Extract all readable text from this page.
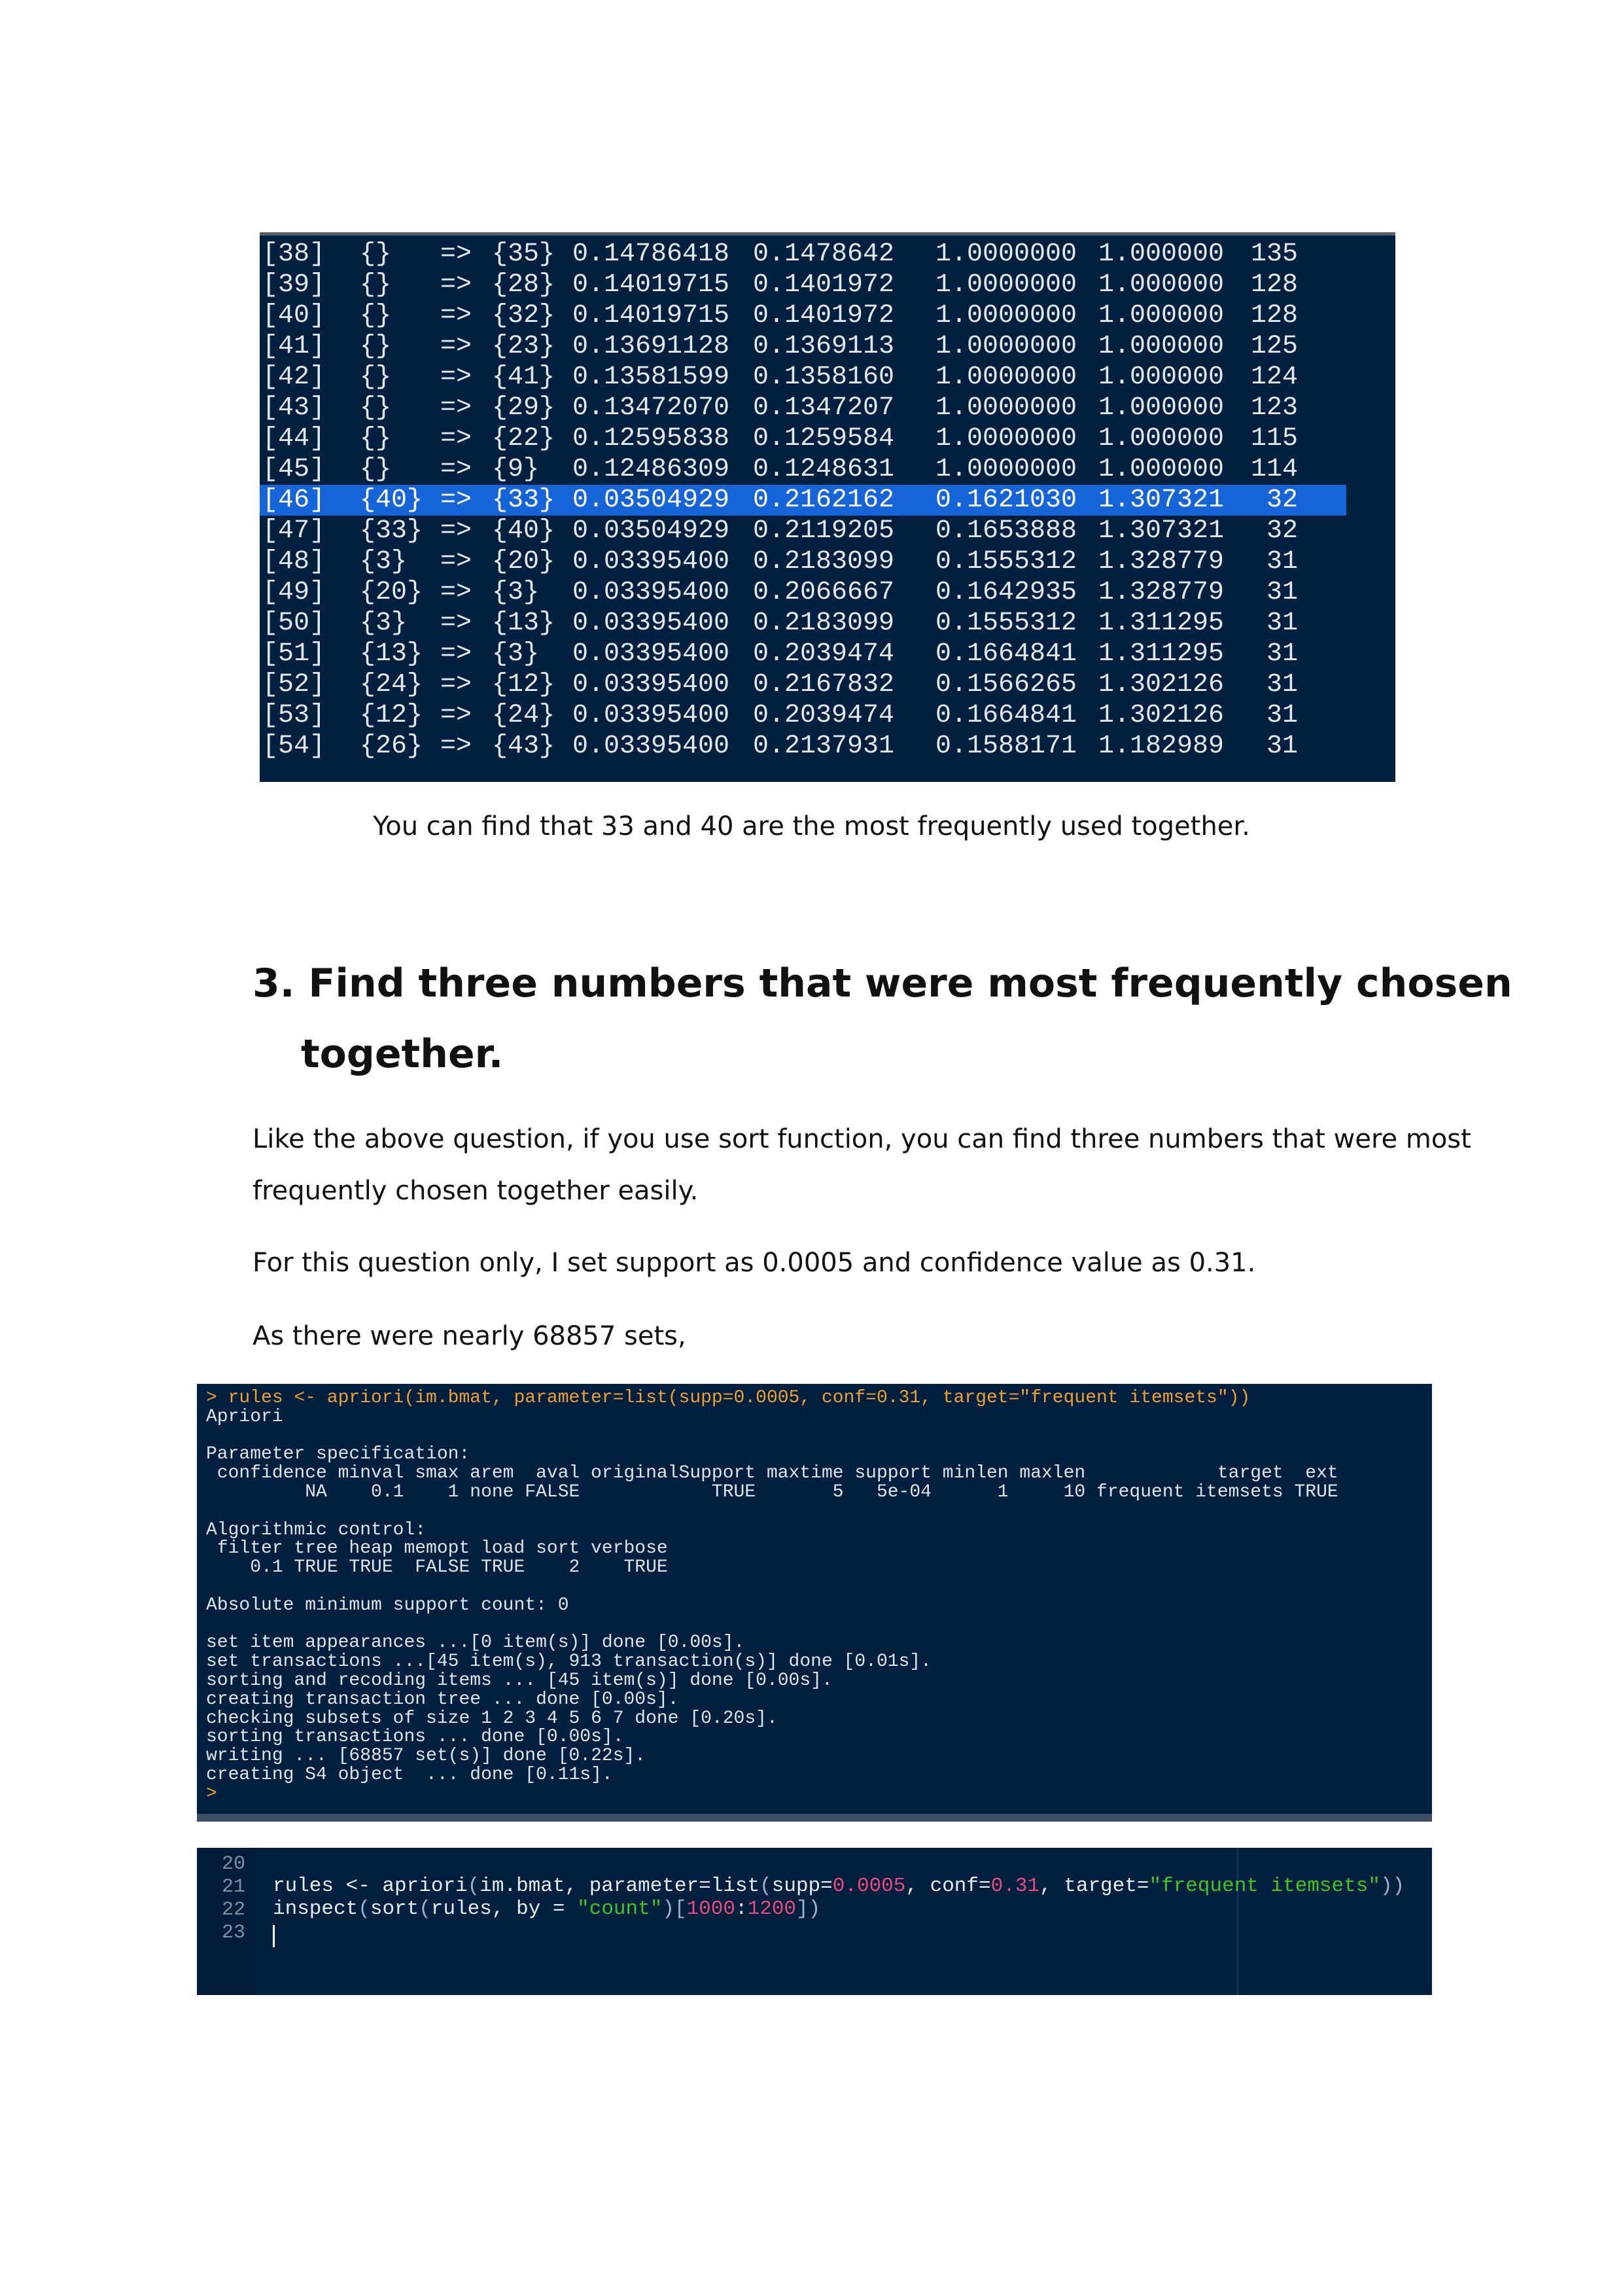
[38] {} => {35} 0.14786418 0.1478642 1.0000000 1.000000 135
[39] {} => {28} 0.14019715 0.1401972 1.0000000 1.000000 128
[40] {} => {32} 0.14019715 0.1401972 1.0000000 1.000000 128
[41] {} => {23} 0.13691128 0.1369113 1.0000000 1.000000 125
[42] {} => {41} 0.13581599 0.1358160 1.0000000 1.000000 124
[43] {} => {29} 0.13472070 0.1347207 1.0000000 1.000000 123
[44] {} => {22} 0.12595838 0.1259584 1.0000000 1.000000 115
[45] {} => {9} 0.12486309 0.1248631 1.0000000 1.000000 114
[46] {40} => {33} 0.03504929 0.2162162 0.1621030 1.307321 32
[47] {33} => {40} 0.03504929 0.2119205 0.1653888 1.307321 32
[48] {3} => {20} 0.03395400 0.2183099 0.1555312 1.328779 31
[49] {20} => {3} 0.03395400 0.2066667 0.1642935 1.328779 31
[50] {3} => {13} 0.03395400 0.2183099 0.1555312 1.311295 31
[51] {13} => {3} 0.03395400 0.2039474 0.1664841 1.311295 31
[52] {24} => {12} 0.03395400 0.2167832 0.1566265 1.302126 31
[53] {12} => {24} 0.03395400 0.2039474 0.1664841 1.302126 31
[54] {26} => {43} 0.03395400 0.2137931 0.1588171 1.182989 31
You can find that 33 and 40 are the most frequently used together.
3. Find three numbers that were most frequently chosen
together.
Like the above question, if you use sort function, you can find three numbers that were most
frequently chosen together easily.
For this question only, I set support as 0.0005 and confidence value as 0.31.
As there were nearly 68857 sets,
> rules <- apriori(im.bmat, parameter=list(supp=0.0005, conf=0.31, target="frequent itemsets"))
Apriori

Parameter specification:
confidence minval smax arem  aval originalSupport maxtime support minlen maxlen            target  ext
NA    0.1    1 none FALSE            TRUE       5   5e-04      1     10 frequent itemsets TRUE

Algorithmic control:
filter tree heap memopt load sort verbose
0.1 TRUE TRUE  FALSE TRUE    2    TRUE

Absolute minimum support count: 0

set item appearances ...[0 item(s)] done [0.00s].
set transactions ...[45 item(s), 913 transaction(s)] done [0.01s].
sorting and recoding items ... [45 item(s)] done [0.00s].
creating transaction tree ... done [0.00s].
checking subsets of size 1 2 3 4 5 6 7 done [0.20s].
sorting transactions ... done [0.00s].
writing ... [68857 set(s)] done [0.22s].
creating S4 object  ... done [0.11s].
>
20
21 rules <- apriori(im.bmat, parameter=list(supp=0.0005, conf=0.31, target="frequent itemsets"))
22 inspect(sort(rules, by = "count")[1000:1200])
23
